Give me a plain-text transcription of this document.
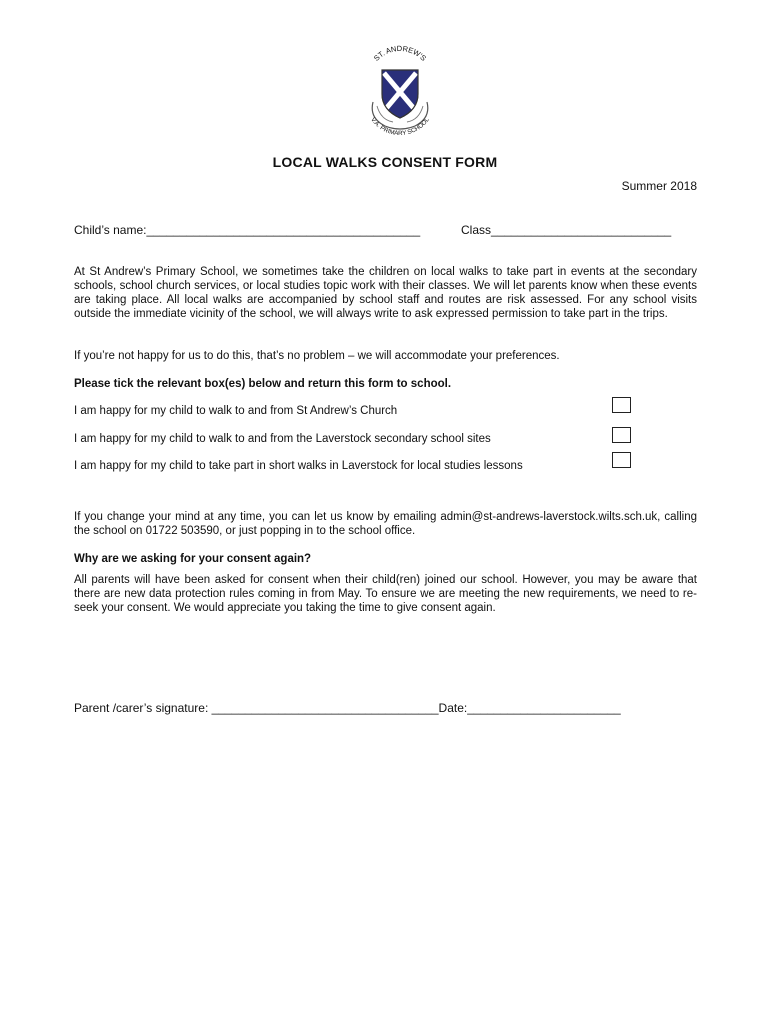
ST. ANDREW'S
V.A. PRIMARY SCHOOL
LOCAL WALKS CONSENT FORM
Summer 2018
Child’s name:_________________________________________	Class___________________________

At St Andrew’s Primary School, we sometimes take the children on local walks to take part in events at the secondary schools, school church services, or local studies topic work with their classes. We will let parents know when these events are taking place. All local walks are accompanied by school staff and routes are risk assessed. For any school visits outside the immediate vicinity of the school, we will always write to ask expressed permission to take part in the trips.

If you’re not happy for us to do this, that’s no problem – we will accommodate your preferences.

Please tick the relevant box(es) below and return this form to school.

I am happy for my child to walk to and from St Andrew’s Church
I am happy for my child to walk to and from the Laverstock secondary school sites
I am happy for my child to take part in short walks in Laverstock for local studies lessons

If you change your mind at any time, you can let us know by emailing admin@st-andrews-laverstock.wilts.sch.uk, calling the school on 01722 503590, or just popping in to the school office.

Why are we asking for your consent again?

All parents will have been asked for consent when their child(ren) joined our school. However, you may be aware that there are new data protection rules coming in from May. To ensure we are meeting the new requirements, we need to re-seek your consent. We would appreciate you taking the time to give consent again.

Parent /carer’s signature: __________________________________Date:_______________________
